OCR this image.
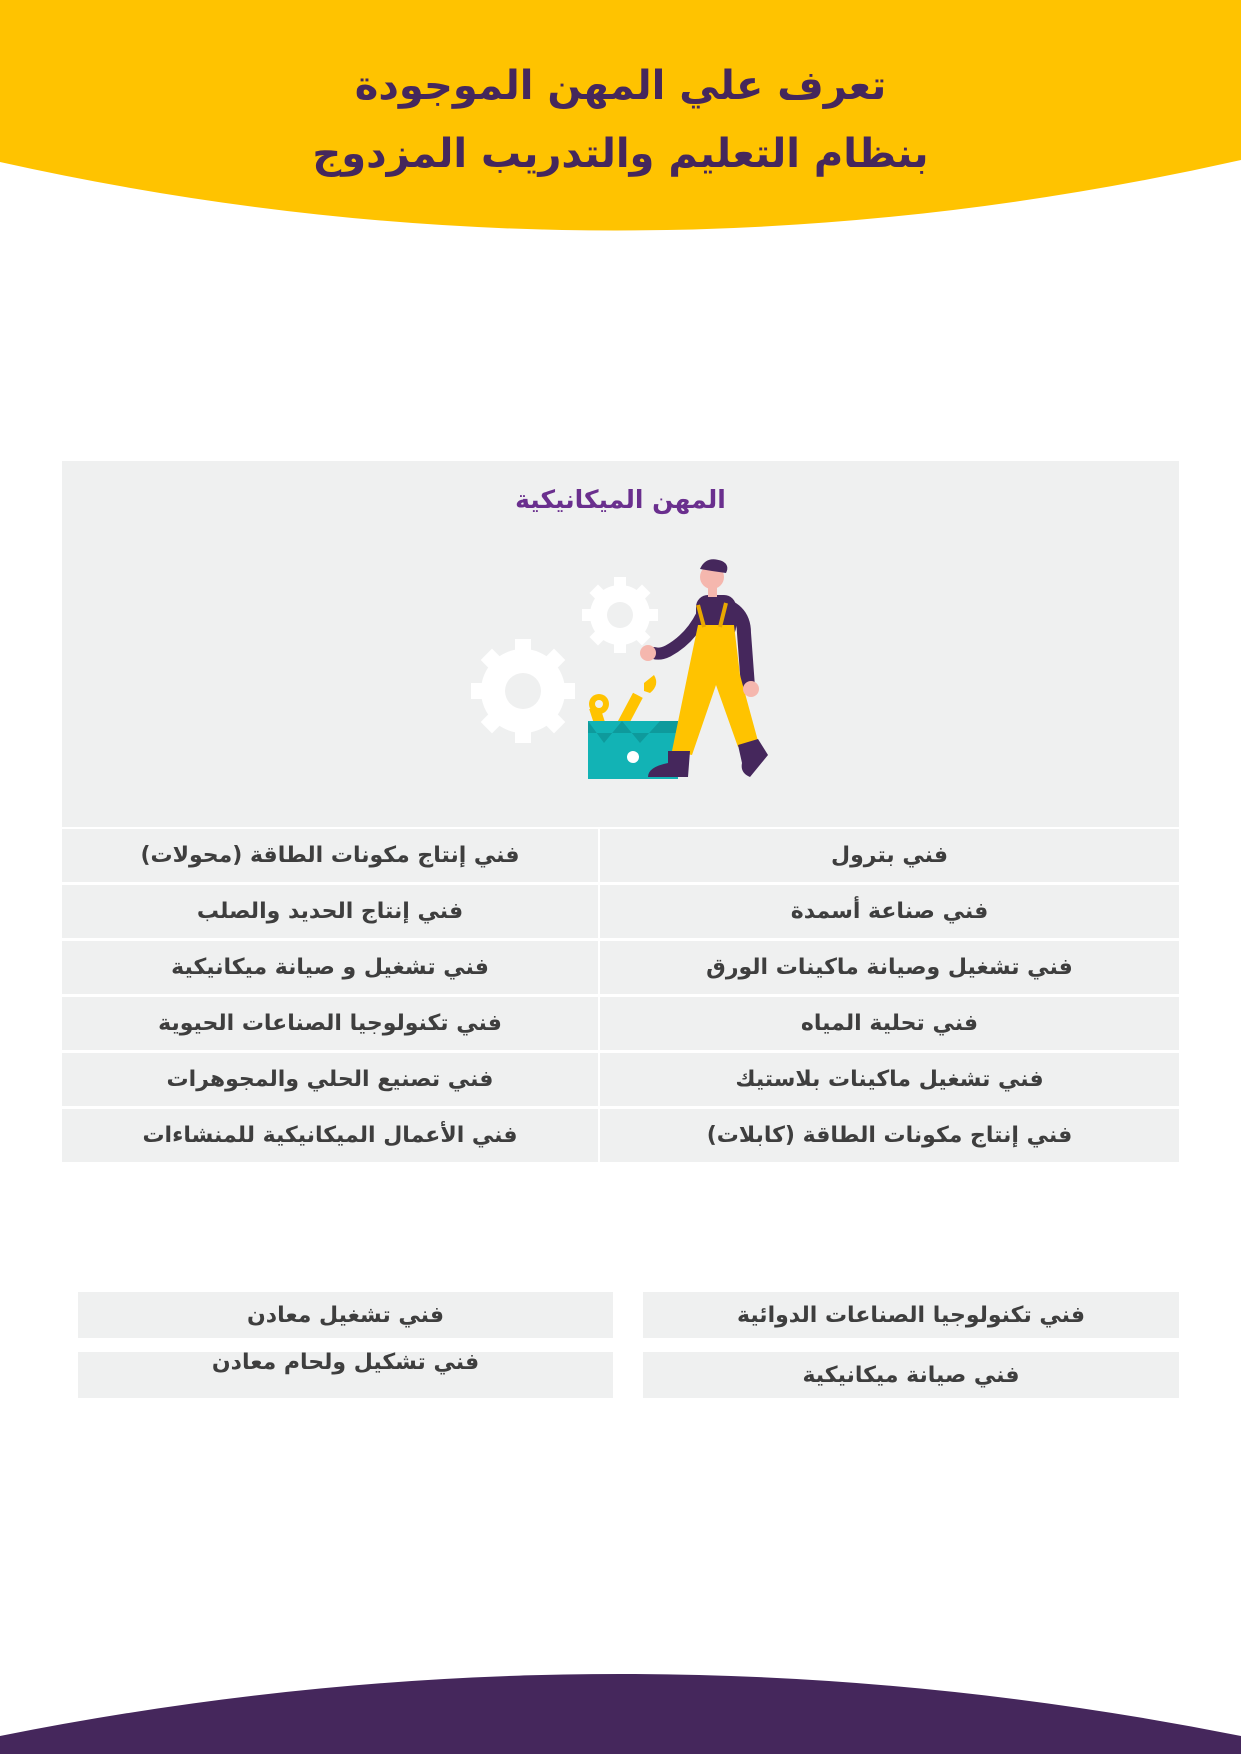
تعرف علي المهن الموجودة
بنظام التعليم والتدريب المزدوج
المهن الميكانيكية
فني بترول
فني إنتاج مكونات الطاقة (محولات)
فني صناعة أسمدة
فني إنتاج الحديد والصلب
فني تشغيل وصيانة ماكينات الورق
فني تشغيل و صيانة ميكانيكية
فني تحلية المياه
فني تكنولوجيا الصناعات الحيوية
فني تشغيل ماكينات بلاستيك
فني تصنيع الحلي والمجوهرات
فني إنتاج مكونات الطاقة (كابلات)
فني الأعمال الميكانيكية للمنشاءات
فني تكنولوجيا الصناعات الدوائية
فني تشغيل معادن
فني صيانة ميكانيكية
فني تشكيل ولحام معادن
